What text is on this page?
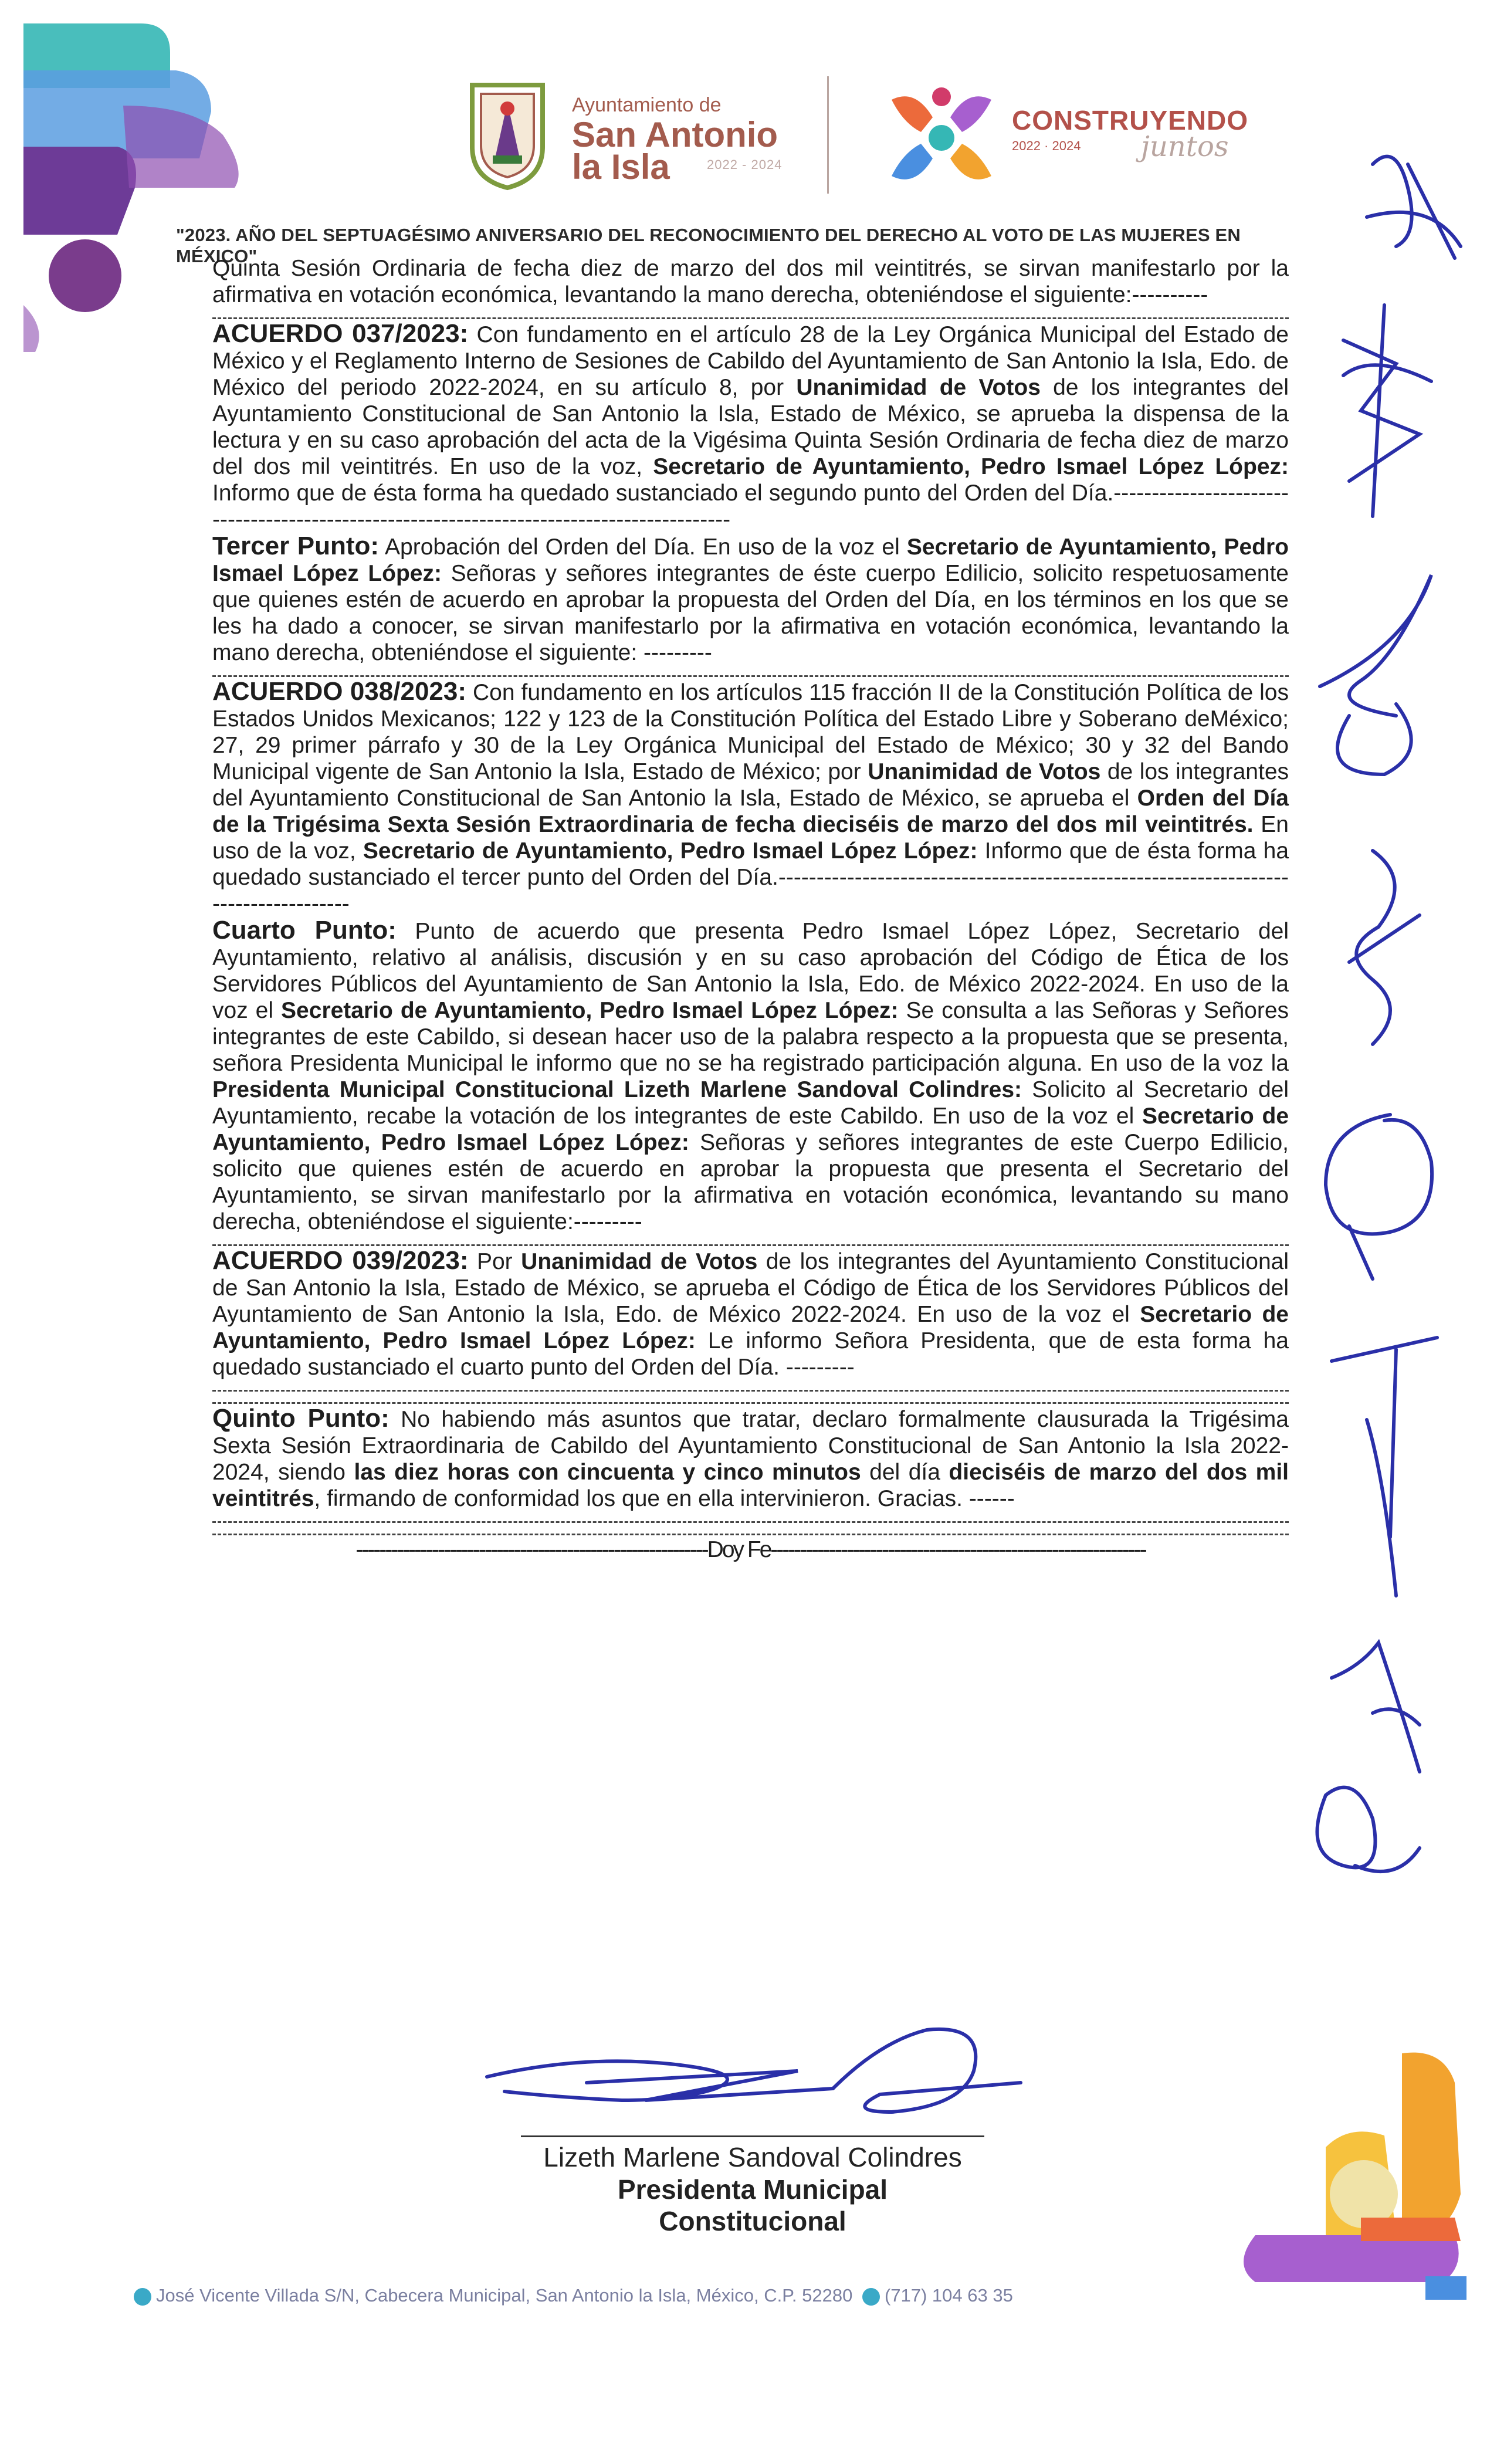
Ayuntamiento de
San Antonio
la Isla	2022 - 2024
CONSTRUYENDO
2022 · 2024 juntos
"2023. AÑO DEL SEPTUAGÉSIMO ANIVERSARIO DEL RECONOCIMIENTO DEL DERECHO AL VOTO DE LAS MUJERES EN MÉXICO"

Quinta Sesión Ordinaria de fecha diez de marzo del dos mil veintitrés, se sirvan manifestarlo por la afirmativa en votación económica, levantando la mano derecha, obteniéndose el siguiente:----------

ACUERDO 037/2023: Con fundamento en el artículo 28 de la Ley Orgánica Municipal del Estado de México y el Reglamento Interno de Sesiones de Cabildo del Ayuntamiento de San Antonio la Isla, Edo. de México del periodo 2022-2024, en su artículo 8, por Unanimidad de Votos de los integrantes del Ayuntamiento Constitucional de San Antonio la Isla, Estado de México, se aprueba la dispensa de la lectura y en su caso aprobación del acta de la Vigésima Quinta Sesión Ordinaria de fecha diez de marzo del dos mil veintitrés. En uso de la voz, Secretario de Ayuntamiento, Pedro Ismael López López: Informo que de ésta forma ha quedado sustanciado el segundo punto del Orden del Día.-------------------------------------------------------------------------------------------

Tercer Punto: Aprobación del Orden del Día. En uso de la voz el Secretario de Ayuntamiento, Pedro Ismael López López: Señoras y señores integrantes de éste cuerpo Edilicio, solicito respetuosamente que quienes estén de acuerdo en aprobar la propuesta del Orden del Día, en los términos en los que se les ha dado a conocer, se sirvan manifestarlo por la afirmativa en votación económica, levantando la mano derecha, obteniéndose el siguiente: ---------

ACUERDO 038/2023: Con fundamento en los artículos 115 fracción II de la Constitución Política de los Estados Unidos Mexicanos; 122 y 123 de la Constitución Política del Estado Libre y Soberano deMéxico; 27, 29 primer párrafo y 30 de la Ley Orgánica Municipal del Estado de México; 30 y 32 del Bando Municipal vigente de San Antonio la Isla, Estado de México; por Unanimidad de Votos de los integrantes del Ayuntamiento Constitucional de San Antonio la Isla, Estado de México, se aprueba el Orden del Día de la Trigésima Sexta Sesión Extraordinaria de fecha dieciséis de marzo del dos mil veintitrés. En uso de la voz, Secretario de Ayuntamiento, Pedro Ismael López López: Informo que de ésta forma ha quedado sustanciado el tercer punto del Orden del Día.-------------------------------------------------------------------------------------

Cuarto Punto: Punto de acuerdo que presenta Pedro Ismael López López, Secretario del Ayuntamiento, relativo al análisis, discusión y en su caso aprobación del Código de Ética de los Servidores Públicos del Ayuntamiento de San Antonio la Isla, Edo. de México 2022-2024. En uso de la voz el Secretario de Ayuntamiento, Pedro Ismael López López: Se consulta a las Señoras y Señores integrantes de este Cabildo, si desean hacer uso de la palabra respecto a la propuesta que se presenta, señora Presidenta Municipal le informo que no se ha registrado participación alguna. En uso de la voz la Presidenta Municipal Constitucional Lizeth Marlene Sandoval Colindres: Solicito al Secretario del Ayuntamiento, recabe la votación de los integrantes de este Cabildo. En uso de la voz el Secretario de Ayuntamiento, Pedro Ismael López López: Señoras y señores integrantes de este Cuerpo Edilicio, solicito que quienes estén de acuerdo en aprobar la propuesta que presenta el Secretario del Ayuntamiento, se sirvan manifestarlo por la afirmativa en votación económica, levantando su mano derecha, obteniéndose el siguiente:---------

ACUERDO 039/2023: Por Unanimidad de Votos de los integrantes del Ayuntamiento Constitucional de San Antonio la Isla, Estado de México, se aprueba el Código de Ética de los Servidores Públicos del Ayuntamiento de San Antonio la Isla, Edo. de México 2022-2024. En uso de la voz el Secretario de Ayuntamiento, Pedro Ismael López López: Le informo Señora Presidenta, que de esta forma ha quedado sustanciado el cuarto punto del Orden del Día. ---------

Quinto Punto: No habiendo más asuntos que tratar, declaro formalmente clausurada la Trigésima Sexta Sesión Extraordinaria de Cabildo del Ayuntamiento Constitucional de San Antonio la Isla 2022-2024, siendo las diez horas con cincuenta y cinco minutos del día dieciséis de marzo del dos mil veintitrés, firmando de conformidad los que en ella intervinieron. Gracias. ------

------------------------------------------------------------Doy Fe----------------------------------------------------------------

Lizeth Marlene Sandoval Colindres
Presidenta Municipal Constitucional
José Vicente Villada S/N, Cabecera Municipal, San Antonio la Isla, México, C.P. 52280 (717) 104 63 35
